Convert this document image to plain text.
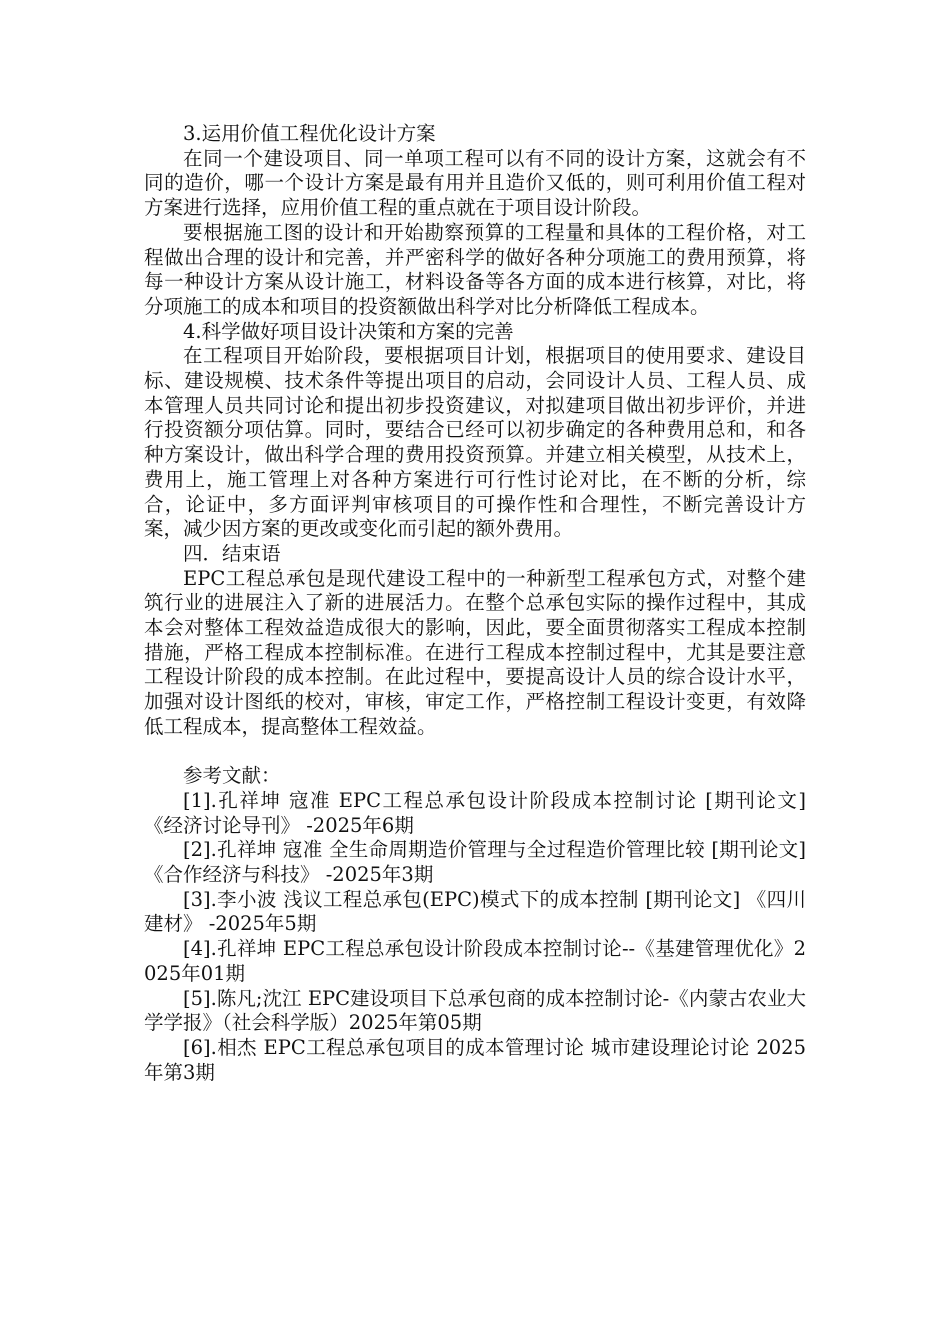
3.运用价值工程优化设计方案

在同一个建设项目、同一单项工程可以有不同的设计方案，这就会有不同的造价，哪一个设计方案是最有用并且造价又低的，则可利用价值工程对方案进行选择，应用价值工程的重点就在于项目设计阶段。

要根据施工图的设计和开始勘察预算的工程量和具体的工程价格，对工程做出合理的设计和完善，并严密科学的做好各种分项施工的费用预算，将每一种设计方案从设计施工，材料设备等各方面的成本进行核算，对比，将分项施工的成本和项目的投资额做出科学对比分析降低工程成本。

4.科学做好项目设计决策和方案的完善

在工程项目开始阶段，要根据项目计划，根据项目的使用要求、建设目标、建设规模、技术条件等提出项目的启动，会同设计人员、工程人员、成本管理人员共同讨论和提出初步投资建议，对拟建项目做出初步评价，并进行投资额分项估算。同时，要结合已经可以初步确定的各种费用总和，和各种方案设计，做出科学合理的费用投资预算。并建立相关模型，从技术上，费用上，施工管理上对各种方案进行可行性讨论对比，在不断的分析，综合，论证中，多方面评判审核项目的可操作性和合理性，不断完善设计方案，减少因方案的更改或变化而引起的额外费用。

四．结束语

EPC工程总承包是现代建设工程中的一种新型工程承包方式，对整个建筑行业的进展注入了新的进展活力。在整个总承包实际的操作过程中，其成本会对整体工程效益造成很大的影响，因此，要全面贯彻落实工程成本控制措施，严格工程成本控制标准。在进行工程成本控制过程中，尤其是要注意工程设计阶段的成本控制。在此过程中，要提高设计人员的综合设计水平，加强对设计图纸的校对，审核，审定工作，严格控制工程设计变更，有效降低工程成本，提高整体工程效益。

参考文献：

[1].孔祥坤 寇准 EPC工程总承包设计阶段成本控制讨论 [期刊论文] 《经济讨论导刊》 -2025年6期

[2].孔祥坤 寇准 全生命周期造价管理与全过程造价管理比较 [期刊论文] 《合作经济与科技》 -2025年3期

[3].李小波 浅议工程总承包(EPC)模式下的成本控制 [期刊论文] 《四川建材》 -2025年5期

[4].孔祥坤 EPC工程总承包设计阶段成本控制讨论--《基建管理优化》2025年01期

[5].陈凡;沈江 EPC建设项目下总承包商的成本控制讨论-《内蒙古农业大学学报》（社会科学版）2025年第05期

[6].相杰 EPC工程总承包项目的成本管理讨论 城市建设理论讨论 2025年第3期
